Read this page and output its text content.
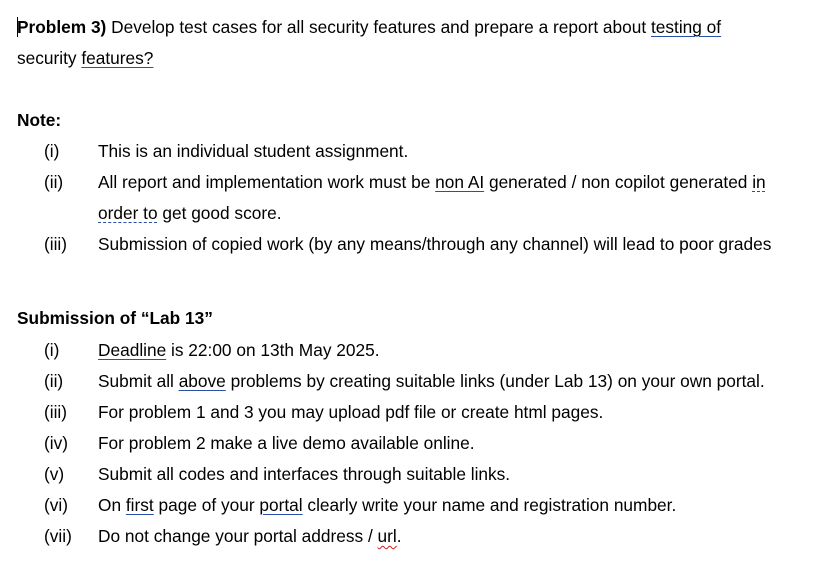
Problem 3) Develop test cases for all security features and prepare a report about testing of
security features?
Note:
(i) This is an individual student assignment.
(ii) All report and implementation work must be non AI generated / non copilot generated in
order to get good score.
(iii) Submission of copied work (by any means/through any channel) will lead to poor grades
Submission of “Lab 13”
(i) Deadline is 22:00 on 13th May 2025.
(ii) Submit all above problems by creating suitable links (under Lab 13) on your own portal.
(iii) For problem 1 and 3 you may upload pdf file or create html pages.
(iv) For problem 2 make a live demo available online.
(v) Submit all codes and interfaces through suitable links.
(vi) On first page of your portal clearly write your name and registration number.
(vii) Do not change your portal address / url.
